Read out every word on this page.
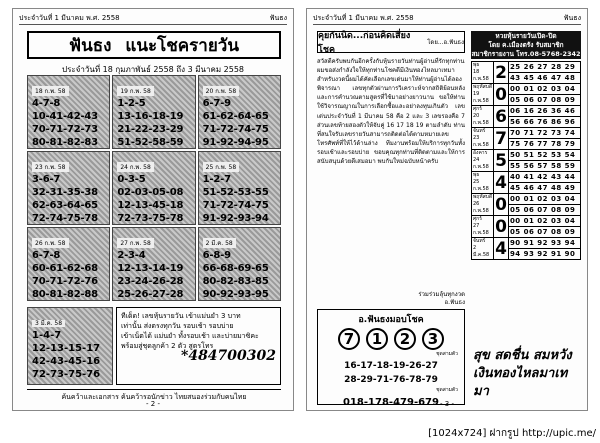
ประจำวันที่ 1 มีนาคม พ.ศ. 2558	ฟันธง
ฟันธง แนะโชครายวัน
ประจำวันที่ 18 กุมภาพันธ์ 2558 ถึง 3 มีนาคม 2558
18 ก.พ. 58
4-7-8
10-41-42-43
70-71-72-73
80-81-82-83
19 ก.พ. 58
1-2-5
13-16-18-19
21-22-23-29
51-52-58-59
20 ก.พ. 58
6-7-9
61-62-64-65
71-72-74-75
91-92-94-95
23 ก.พ. 58
3-6-7
32-31-35-38
62-63-64-65
72-74-75-78
24 ก.พ. 58
0-3-5
02-03-05-08
12-13-45-18
72-73-75-78
25 ก.พ. 58
1-2-7
51-52-53-55
71-72-74-75
91-92-93-94
26 ก.พ. 58
6-7-8
60-61-62-68
70-71-72-76
80-81-82-88
27 ก.พ. 58
2-3-4
12-13-14-19
23-24-26-28
25-26-27-28
2 มี.ค. 58
6-8-9
66-68-69-65
80-82-83-85
90-92-93-95
3 มี.ค. 58
1-4-7
12-13-15-17
42-43-45-16
72-73-75-76
ทีเด็ด! เลขหุ้นรายวัน เข้าแม่นยำ 3 บาท
เท่านั้น ส่งตรงทุกวัน รอบเช้า รอบบ่าย
เข้าเน็ตได้ แม่นยำ ทั้งรอบเช้า และบ่ายมาซิคะ
พร้อมสู่ชุดลูกค้า 2 ตัว สูตรโทร
*484700302
ค้นคว้าและเอกสาร ค้นคว้ารอนักข่าว ไทยสนองร่วมกับคนไทย
- 2 -
ประจำวันที่ 1 มีนาคม พ.ศ. 2558	ฟันธง
คุยกันนิด...ก่อนคิดเสี่ยงโชค
โดย...อ.ฟันธง
สวัสดีครับพบกันอีกครั้งกับหุ้นรายวันท่านผู้อ่านที่รักทุกท่าน ผมขอส่งกำลังใจให้ทุกท่านโชคดีมีเงินทองไหลมาเทมา สำหรับงวดนี้ผมได้คัดเลือกเลขเด่นมาให้ท่านผู้อ่านได้ลองพิจารณา เลขทุกตัวผ่านการวิเคราะห์จากสถิติย้อนหลังและการคำนวณตามสูตรที่ใช้มาอย่างยาวนาน ขอให้ท่านใช้วิจารณญาณในการเลือกซื้อและอย่าลงทุนเกินตัว เลขเด่นประจำวันที่ 1 มีนาคม 58 คือ 2 และ 3 เลขรองคือ 7 ส่วนเลขท้ายสองตัวให้จับคู่ 16 17 18 19 ตามลำดับ ท่านที่สนใจรับเลขรายวันสามารถติดต่อได้ตามหมายเลขโทรศัพท์ที่ให้ไว้ด้านล่าง ทีมงานพร้อมให้บริการทุกวันทั้งรอบเช้าและรอบบ่าย ขอบคุณทุกท่านที่ติดตามและให้การสนับสนุนด้วยดีเสมอมา พบกันใหม่ฉบับหน้าครับ
ร่วมร่วมลุ้นทุกงวด
อ.ฟันธง
อ.ฟันธงมอบโชค
7	1	2	3
ชุดสามตัว
16-17-18-19-26-27
28-29-71-76-78-79
ชุดสามตัว
018-178-479-679
หวยหุ้นรายวันเปิด-ปิด
โดย ค.เมืองตรัง รับสมาชิก
สมาชิกรายงาน โทร.08-5768-2342
พุธ
18 ก.พ.58	2	25 26 27 28 29
		43 45 46 47 48

พฤหัสบดี
19 ก.พ.58	0	00 01 02 03 04
		05 06 07 08 09

ศุกร์
20 ก.พ.58	6	06 16 26 36 46
		56 66 76 86 96

จันทร์
23 ก.พ.58	7	70 71 72 73 74
		75 76 77 78 79

อังคาร
24 ก.พ.58	5	50 51 52 53 54
		55 56 57 58 59

พุธ
25 ก.พ.58	4	40 41 42 43 44
		45 46 47 48 49

พฤหัสบดี
26 ก.พ.58	0	00 01 02 03 04
		05 06 07 08 09

ศุกร์
27 ก.พ.58	0	00 01 02 03 04
		05 06 07 08 09

จันทร์
2 มี.ค.58	4	90 91 92 93 94
		94 93 92 91 90
สุข สดชื่น สมหวัง
เงินทองไหลมาเทมา
- 3 -
[1024x724] ฝากรูป http://upic.me/
